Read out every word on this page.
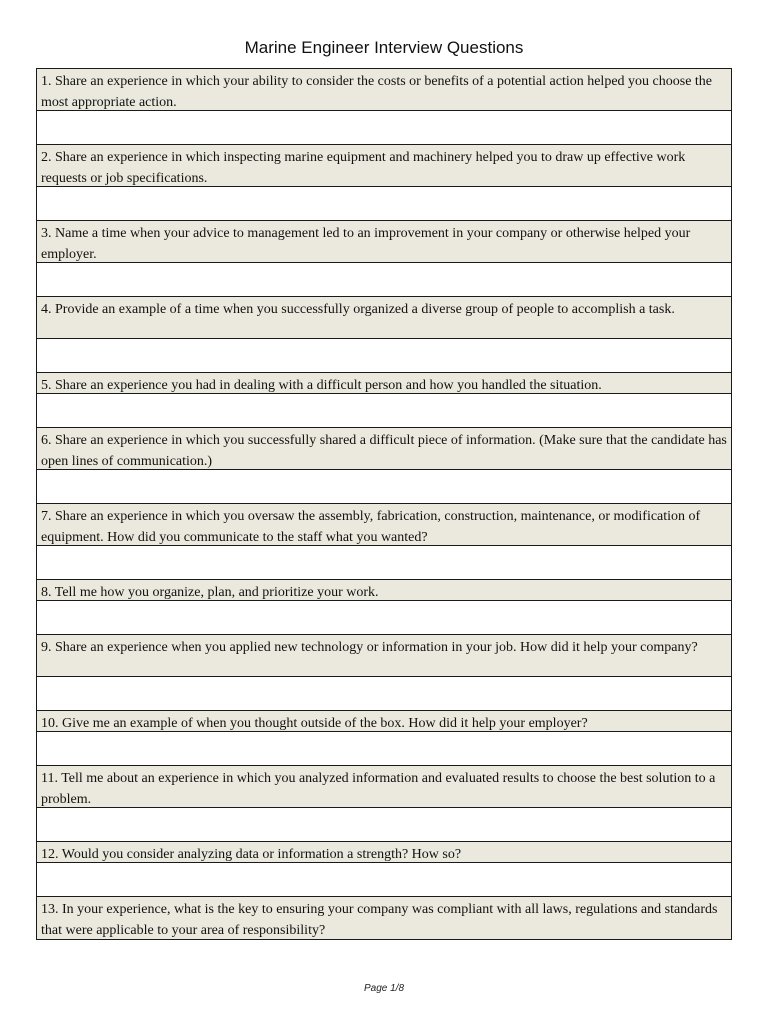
Marine Engineer Interview Questions
1. Share an experience in which your ability to consider the costs or benefits of a potential action helped you choose the most appropriate action.
2. Share an experience in which inspecting marine equipment and machinery helped you to draw up effective work requests or job specifications.
3. Name a time when your advice to management led to an improvement in your company or otherwise helped your employer.
4. Provide an example of a time when you successfully organized a diverse group of people to accomplish a task.
5. Share an experience you had in dealing with a difficult person and how you handled the situation.
6. Share an experience in which you successfully shared a difficult piece of information. (Make sure that the candidate has open lines of communication.)
7. Share an experience in which you oversaw the assembly, fabrication, construction, maintenance, or modification of equipment. How did you communicate to the staff what you wanted?
8. Tell me how you organize, plan, and prioritize your work.
9. Share an experience when you applied new technology or information in your job. How did it help your company?
10. Give me an example of when you thought outside of the box. How did it help your employer?
11. Tell me about an experience in which you analyzed information and evaluated results to choose the best solution to a problem.
12. Would you consider analyzing data or information a strength? How so?
13. In your experience, what is the key to ensuring your company was compliant with all laws, regulations and standards that were applicable to your area of responsibility?
Page 1/8
